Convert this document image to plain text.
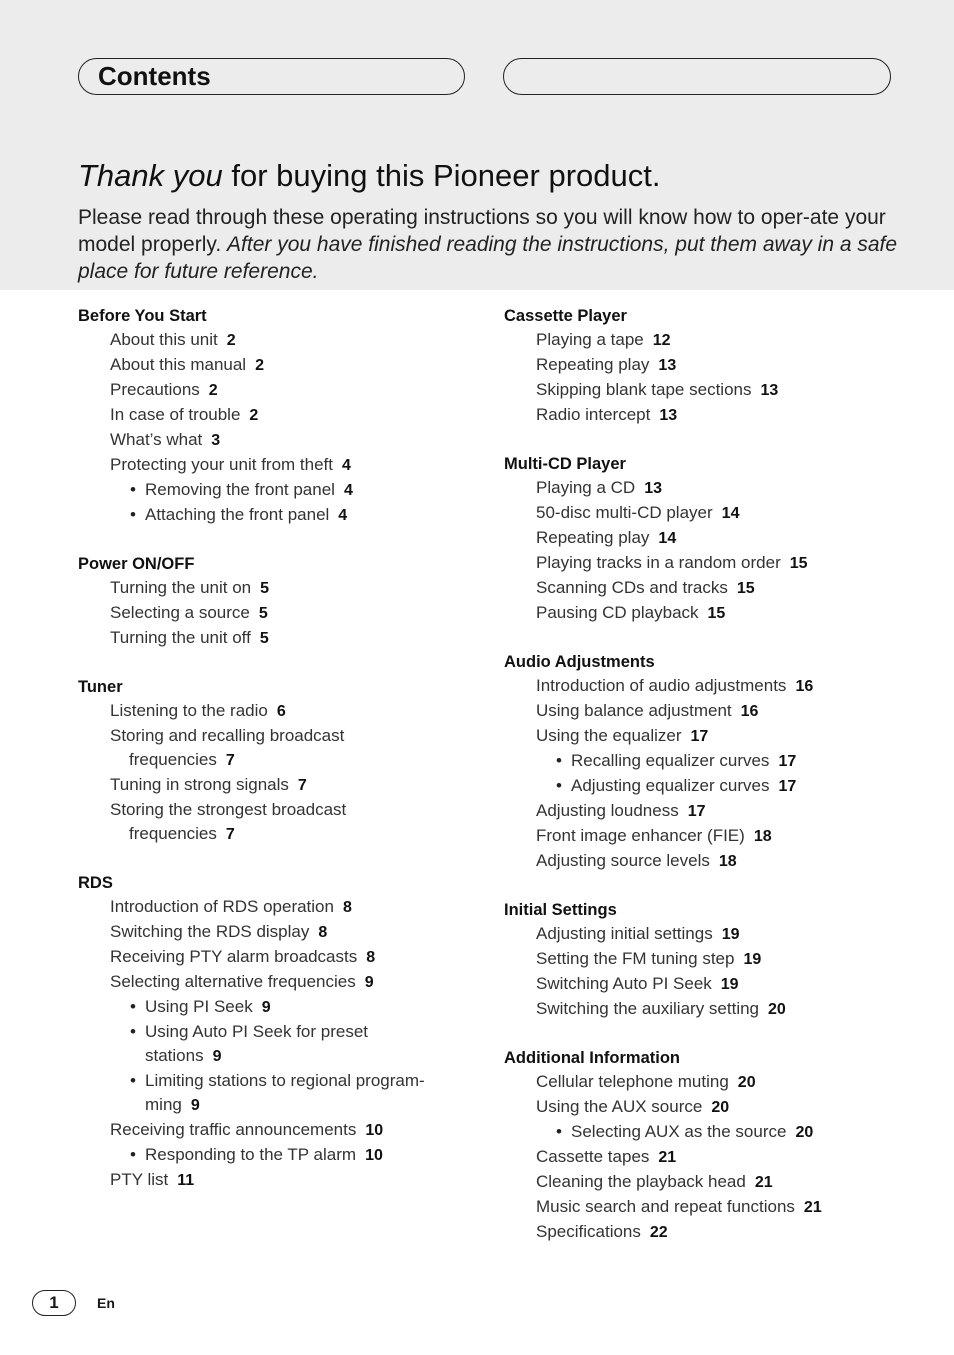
Contents
Thank you for buying this Pioneer product.
Please read through these operating instructions so you will know how to oper-ate your model properly. After you have finished reading the instructions, put them away in a safe place for future reference.
Before You Start
About this unit 2
About this manual 2
Precautions 2
In case of trouble 2
What’s what 3
Protecting your unit from theft 4
• Removing the front panel 4
• Attaching the front panel 4
Power ON/OFF
Turning the unit on 5
Selecting a source 5
Turning the unit off 5
Tuner
Listening to the radio 6
Storing and recalling broadcast
frequencies 7
Tuning in strong signals 7
Storing the strongest broadcast
frequencies 7
RDS
Introduction of RDS operation 8
Switching the RDS display 8
Receiving PTY alarm broadcasts 8
Selecting alternative frequencies 9
• Using PI Seek 9
• Using Auto PI Seek for preset
stations 9
• Limiting stations to regional program-
ming 9
Receiving traffic announcements 10
• Responding to the TP alarm 10
PTY list 11
Cassette Player
Playing a tape 12
Repeating play 13
Skipping blank tape sections 13
Radio intercept 13
Multi-CD Player
Playing a CD 13
50-disc multi-CD player 14
Repeating play 14
Playing tracks in a random order 15
Scanning CDs and tracks 15
Pausing CD playback 15
Audio Adjustments
Introduction of audio adjustments 16
Using balance adjustment 16
Using the equalizer 17
• Recalling equalizer curves 17
• Adjusting equalizer curves 17
Adjusting loudness 17
Front image enhancer (FIE) 18
Adjusting source levels 18
Initial Settings
Adjusting initial settings 19
Setting the FM tuning step 19
Switching Auto PI Seek 19
Switching the auxiliary setting 20
Additional Information
Cellular telephone muting 20
Using the AUX source 20
• Selecting AUX as the source 20
Cassette tapes 21
Cleaning the playback head 21
Music search and repeat functions 21
Specifications 22
1	En
